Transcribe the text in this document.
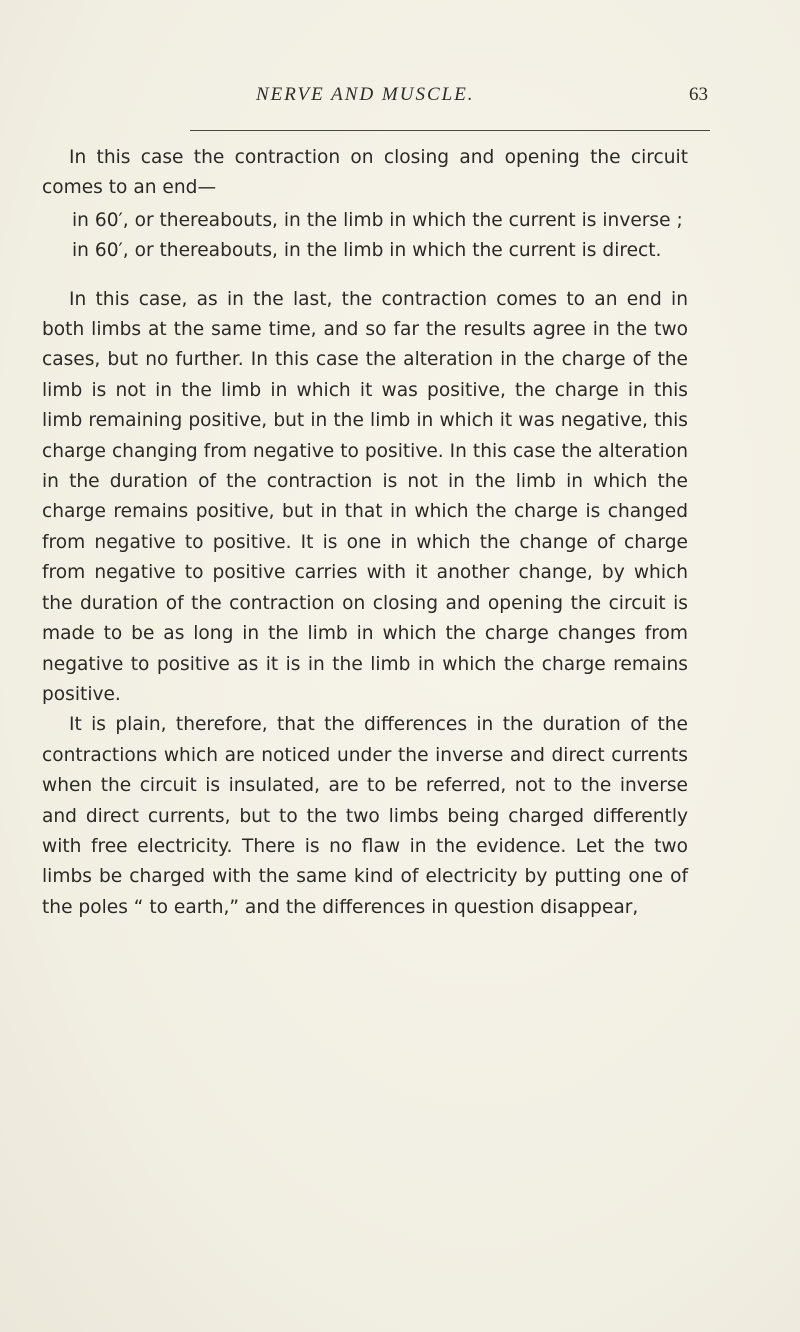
NERVE AND MUSCLE.	63

In this case the contraction on closing and opening the circuit comes to an end—

in 60′, or thereabouts, in the limb in which the current is inverse ;
in 60′, or thereabouts, in the limb in which the current is direct.

In this case, as in the last, the contraction comes to an end in both limbs at the same time, and so far the results agree in the two cases, but no further. In this case the alteration in the charge of the limb is not in the limb in which it was positive, the charge in this limb remaining positive, but in the limb in which it was negative, this charge changing from negative to positive. In this case the alteration in the duration of the contraction is not in the limb in which the charge remains positive, but in that in which the charge is changed from negative to positive. It is one in which the change of charge from negative to positive carries with it another change, by which the duration of the contraction on closing and opening the circuit is made to be as long in the limb in which the charge changes from negative to positive as it is in the limb in which the charge remains positive.

It is plain, therefore, that the differences in the duration of the contractions which are noticed under the inverse and direct currents when the circuit is insulated, are to be referred, not to the inverse and direct currents, but to the two limbs being charged differently with free electricity. There is no flaw in the evidence. Let the two limbs be charged with the same kind of electricity by putting one of the poles “ to earth,” and the differences in question disappear,
